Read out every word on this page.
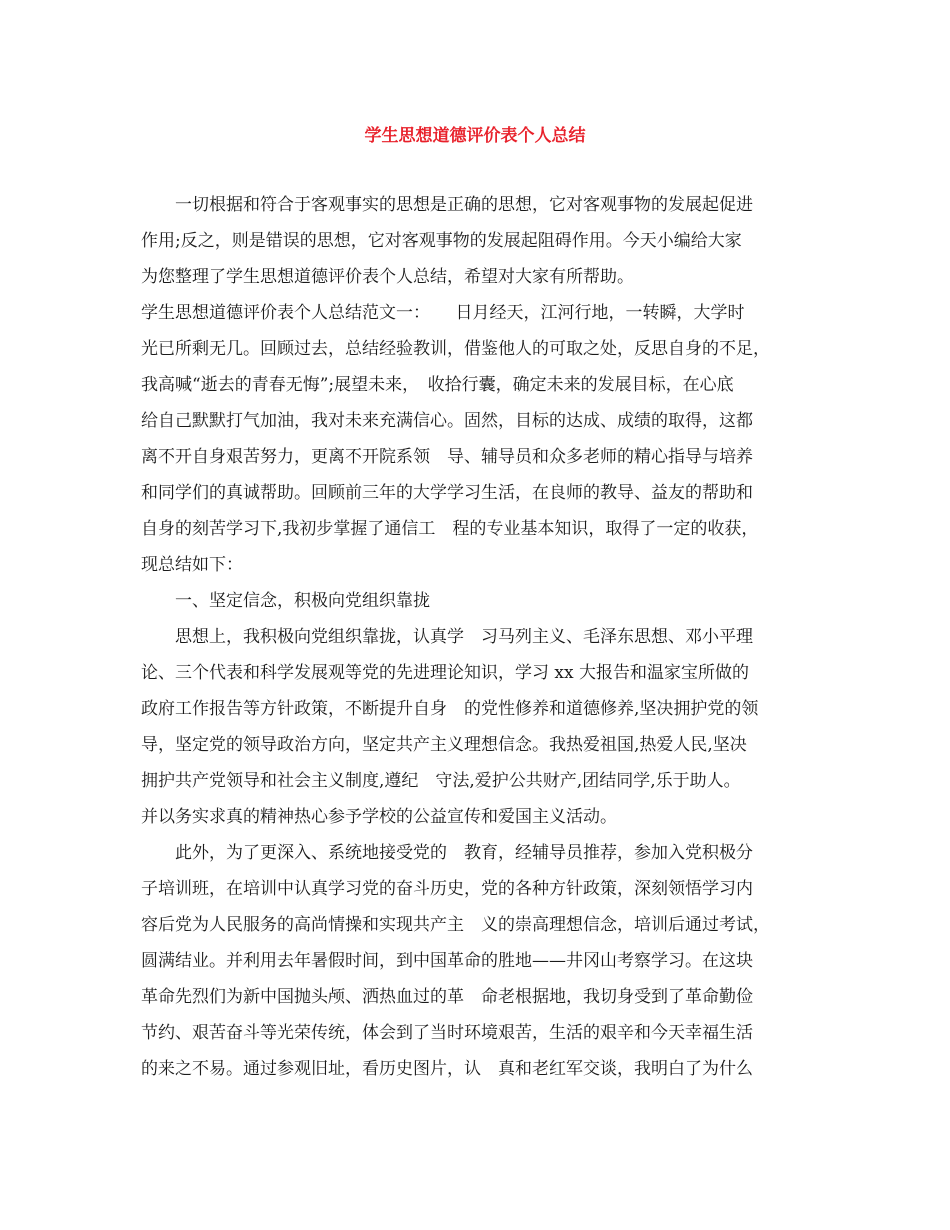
学生思想道德评价表个人总结

一切根据和符合于客观事实的思想是正确的思想，它对客观事物的发展起促进

作用;反之，则是错误的思想，它对客观事物的发展起阻碍作用。今天小编给大家

为您整理了学生思想道德评价表个人总结，希望对大家有所帮助。

学生思想道德评价表个人总结范文一：　　日月经天，江河行地，一转瞬，大学时

光已所剩无几。回顾过去，总结经验教训，借鉴他人的可取之处，反思自身的不足，

我高喊“逝去的青春无悔”;展望未来，　收拾行囊，确定未来的发展目标，在心底

给自己默默打气加油，我对未来充满信心。固然，目标的达成、成绩的取得，这都

离不开自身艰苦努力，更离不开院系领　导、辅导员和众多老师的精心指导与培养

和同学们的真诚帮助。回顾前三年的大学学习生活，在良师的教导、益友的帮助和

自身的刻苦学习下,我初步掌握了通信工　程的专业基本知识，取得了一定的收获，

现总结如下：

一、坚定信念，积极向党组织靠拢

思想上，我积极向党组织靠拢，认真学　习马列主义、毛泽东思想、邓小平理

论、三个代表和科学发展观等党的先进理论知识，学习 xx 大报告和温家宝所做的

政府工作报告等方针政策，不断提升自身　的党性修养和道德修养,坚决拥护党的领

导，坚定党的领导政治方向，坚定共产主义理想信念。我热爱祖国,热爱人民,坚决

拥护共产党领导和社会主义制度,遵纪　守法,爱护公共财产,团结同学,乐于助人。

并以务实求真的精神热心参予学校的公益宣传和爱国主义活动。

此外，为了更深入、系统地接受党的　教育，经辅导员推荐，参加入党积极分

子培训班，在培训中认真学习党的奋斗历史，党的各种方针政策，深刻领悟学习内

容后党为人民服务的高尚情操和实现共产主　义的崇高理想信念，培训后通过考试，

圆满结业。并利用去年暑假时间，到中国革命的胜地——井冈山考察学习。在这块

革命先烈们为新中国抛头颅、洒热血过的革　命老根据地，我切身受到了革命勤俭

节约、艰苦奋斗等光荣传统，体会到了当时环境艰苦，生活的艰辛和今天幸福生活

的来之不易。通过参观旧址，看历史图片，认　真和老红军交谈，我明白了为什么
